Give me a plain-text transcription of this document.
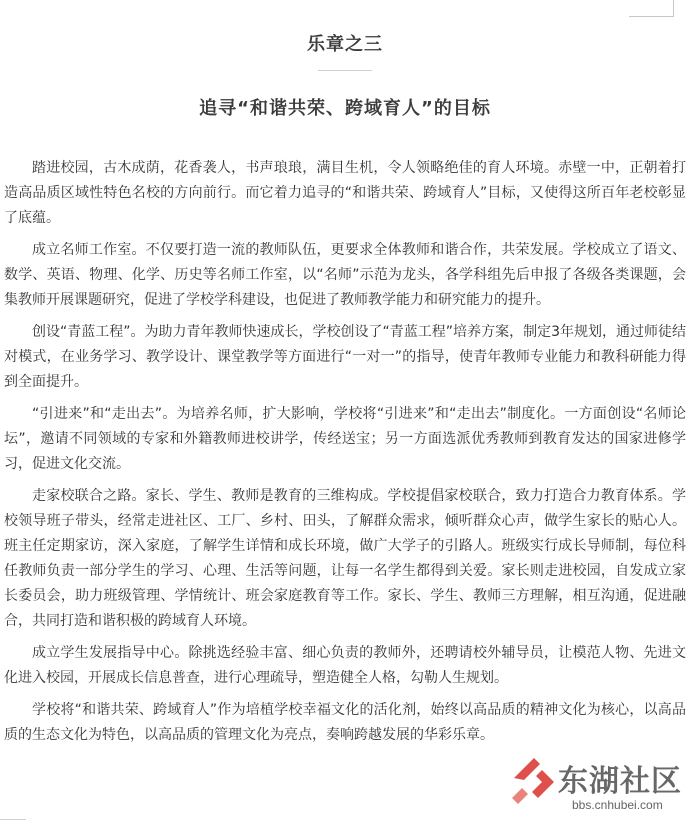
乐章之三
追寻“和谐共荣、跨域育人”的目标

踏进校园，古木成荫，花香袭人，书声琅琅，满目生机，令人领略绝佳的育人环境。赤壁一中，正朝着打造高品质区域性特色名校的方向前行。而它着力追寻的“和谐共荣、跨域育人”目标，又使得这所百年老校彰显了底蕴。

成立名师工作室。不仅要打造一流的教师队伍，更要求全体教师和谐合作，共荣发展。学校成立了语文、数学、英语、物理、化学、历史等名师工作室，以“名师”示范为龙头，各学科组先后申报了各级各类课题，会集教师开展课题研究，促进了学校学科建设，也促进了教师教学能力和研究能力的提升。

创设“青蓝工程”。为助力青年教师快速成长，学校创设了“青蓝工程”培养方案，制定3年规划，通过师徒结对模式，在业务学习、教学设计、课堂教学等方面进行“一对一”的指导，使青年教师专业能力和教科研能力得到全面提升。

“引进来”和“走出去”。为培养名师，扩大影响，学校将“引进来”和“走出去”制度化。一方面创设“名师论坛”，邀请不同领域的专家和外籍教师进校讲学，传经送宝；另一方面选派优秀教师到教育发达的国家进修学习，促进文化交流。

走家校联合之路。家长、学生、教师是教育的三维构成。学校提倡家校联合，致力打造合力教育体系。学校领导班子带头，经常走进社区、工厂、乡村、田头，了解群众需求，倾听群众心声，做学生家长的贴心人。班主任定期家访，深入家庭，了解学生详情和成长环境，做广大学子的引路人。班级实行成长导师制，每位科任教师负责一部分学生的学习、心理、生活等问题，让每一名学生都得到关爱。家长则走进校园，自发成立家长委员会，助力班级管理、学情统计、班会家庭教育等工作。家长、学生、教师三方理解，相互沟通，促进融合，共同打造和谐积极的跨域育人环境。

成立学生发展指导中心。除挑选经验丰富、细心负责的教师外，还聘请校外辅导员，让模范人物、先进文化进入校园，开展成长信息普查，进行心理疏导，塑造健全人格，勾勒人生规划。

学校将“和谐共荣、跨域育人”作为培植学校幸福文化的活化剂，始终以高品质的精神文化为核心，以高品质的生态文化为特色，以高品质的管理文化为亮点，奏响跨越发展的华彩乐章。

东湖社区
bbs.cnhubei.com
